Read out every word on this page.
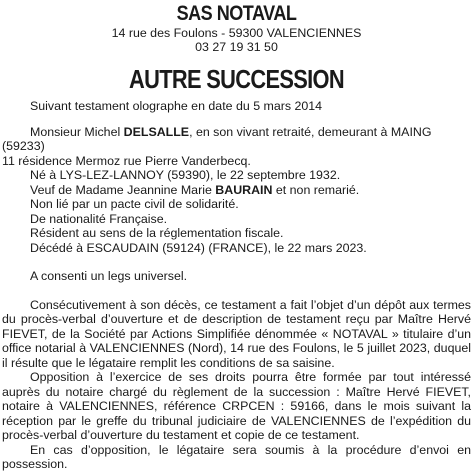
SAS NOTAVAL
14 rue des Foulons - 59300 VALENCIENNES
03 27 19 31 50
AUTRE SUCCESSION

Suivant testament olographe en date du 5 mars 2014

Monsieur Michel DELSALLE, en son vivant retraité, demeurant à MAING (59233)

11 résidence Mermoz rue Pierre Vanderbecq.

Né à LYS-LEZ-LANNOY (59390), le 22 septembre 1932.

Veuf de Madame Jeannine Marie BAURAIN et non remarié.

Non lié par un pacte civil de solidarité.

De nationalité Française.

Résident au sens de la réglementation fiscale.

Décédé à ESCAUDAIN (59124) (FRANCE), le 22 mars 2023.

A consenti un legs universel.

Consécutivement à son décès, ce testament a fait l’objet d’un dépôt aux termes du procès-verbal d’ouverture et de description de testament reçu par Maître Hervé FIEVET, de la Société par Actions Simplifiée dénommée « NOTAVAL » titulaire d’un office notarial à VALENCIENNES (Nord), 14 rue des Foulons, le 5 juillet 2023, duquel il résulte que le légataire remplit les conditions de sa saisine.

Opposition à l’exercice de ses droits pourra être formée par tout intéressé auprès du notaire chargé du règlement de la succession : Maître Hervé FIEVET, notaire à VALENCIENNES, référence CRPCEN : 59166, dans le mois suivant la réception par le greffe du tribunal judiciaire de VALENCIENNES de l’expédition du procès-verbal d’ouverture du testament et copie de ce testament.

En cas d’opposition, le légataire sera soumis à la procédure d’envoi en possession.
